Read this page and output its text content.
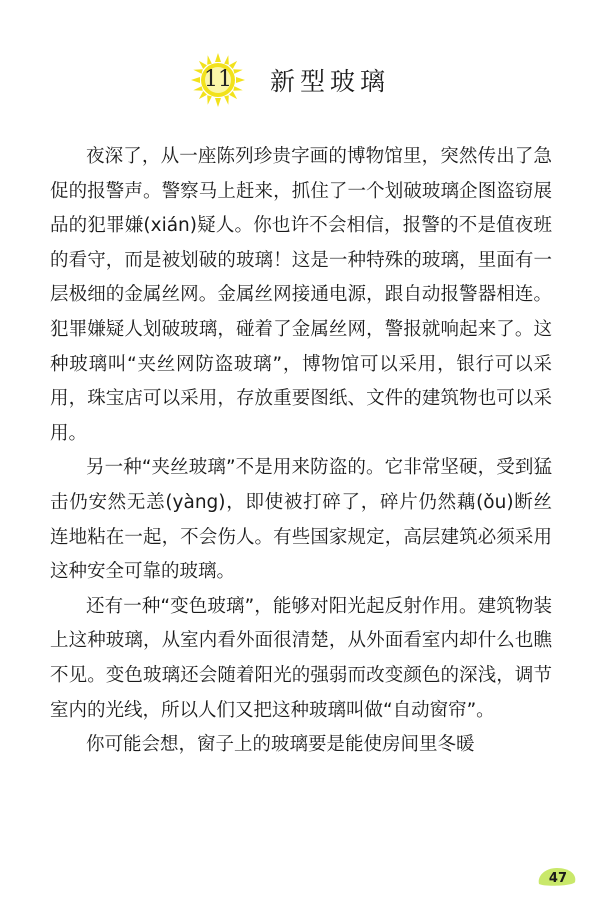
11	新型玻璃

夜深了，从一座陈列珍贵字画的博物馆里，突然传出了急促的报警声。警察马上赶来，抓住了一个划破玻璃企图盗窃展品的犯罪嫌(xián)疑人。你也许不会相信，报警的不是值夜班的看守，而是被划破的玻璃！这是一种特殊的玻璃，里面有一层极细的金属丝网。金属丝网接通电源，跟自动报警器相连。犯罪嫌疑人划破玻璃，碰着了金属丝网，警报就响起来了。这种玻璃叫“夹丝网防盗玻璃”，博物馆可以采用，银行可以采用，珠宝店可以采用，存放重要图纸、文件的建筑物也可以采用。

另一种“夹丝玻璃”不是用来防盗的。它非常坚硬，受到猛击仍安然无恙(yàng)，即使被打碎了，碎片仍然藕(ǒu)断丝连地粘在一起，不会伤人。有些国家规定，高层建筑必须采用这种安全可靠的玻璃。

还有一种“变色玻璃”，能够对阳光起反射作用。建筑物装上这种玻璃，从室内看外面很清楚，从外面看室内却什么也瞧不见。变色玻璃还会随着阳光的强弱而改变颜色的深浅，调节室内的光线，所以人们又把这种玻璃叫做“自动窗帘”。

你可能会想，窗子上的玻璃要是能使房间里冬暖

47
